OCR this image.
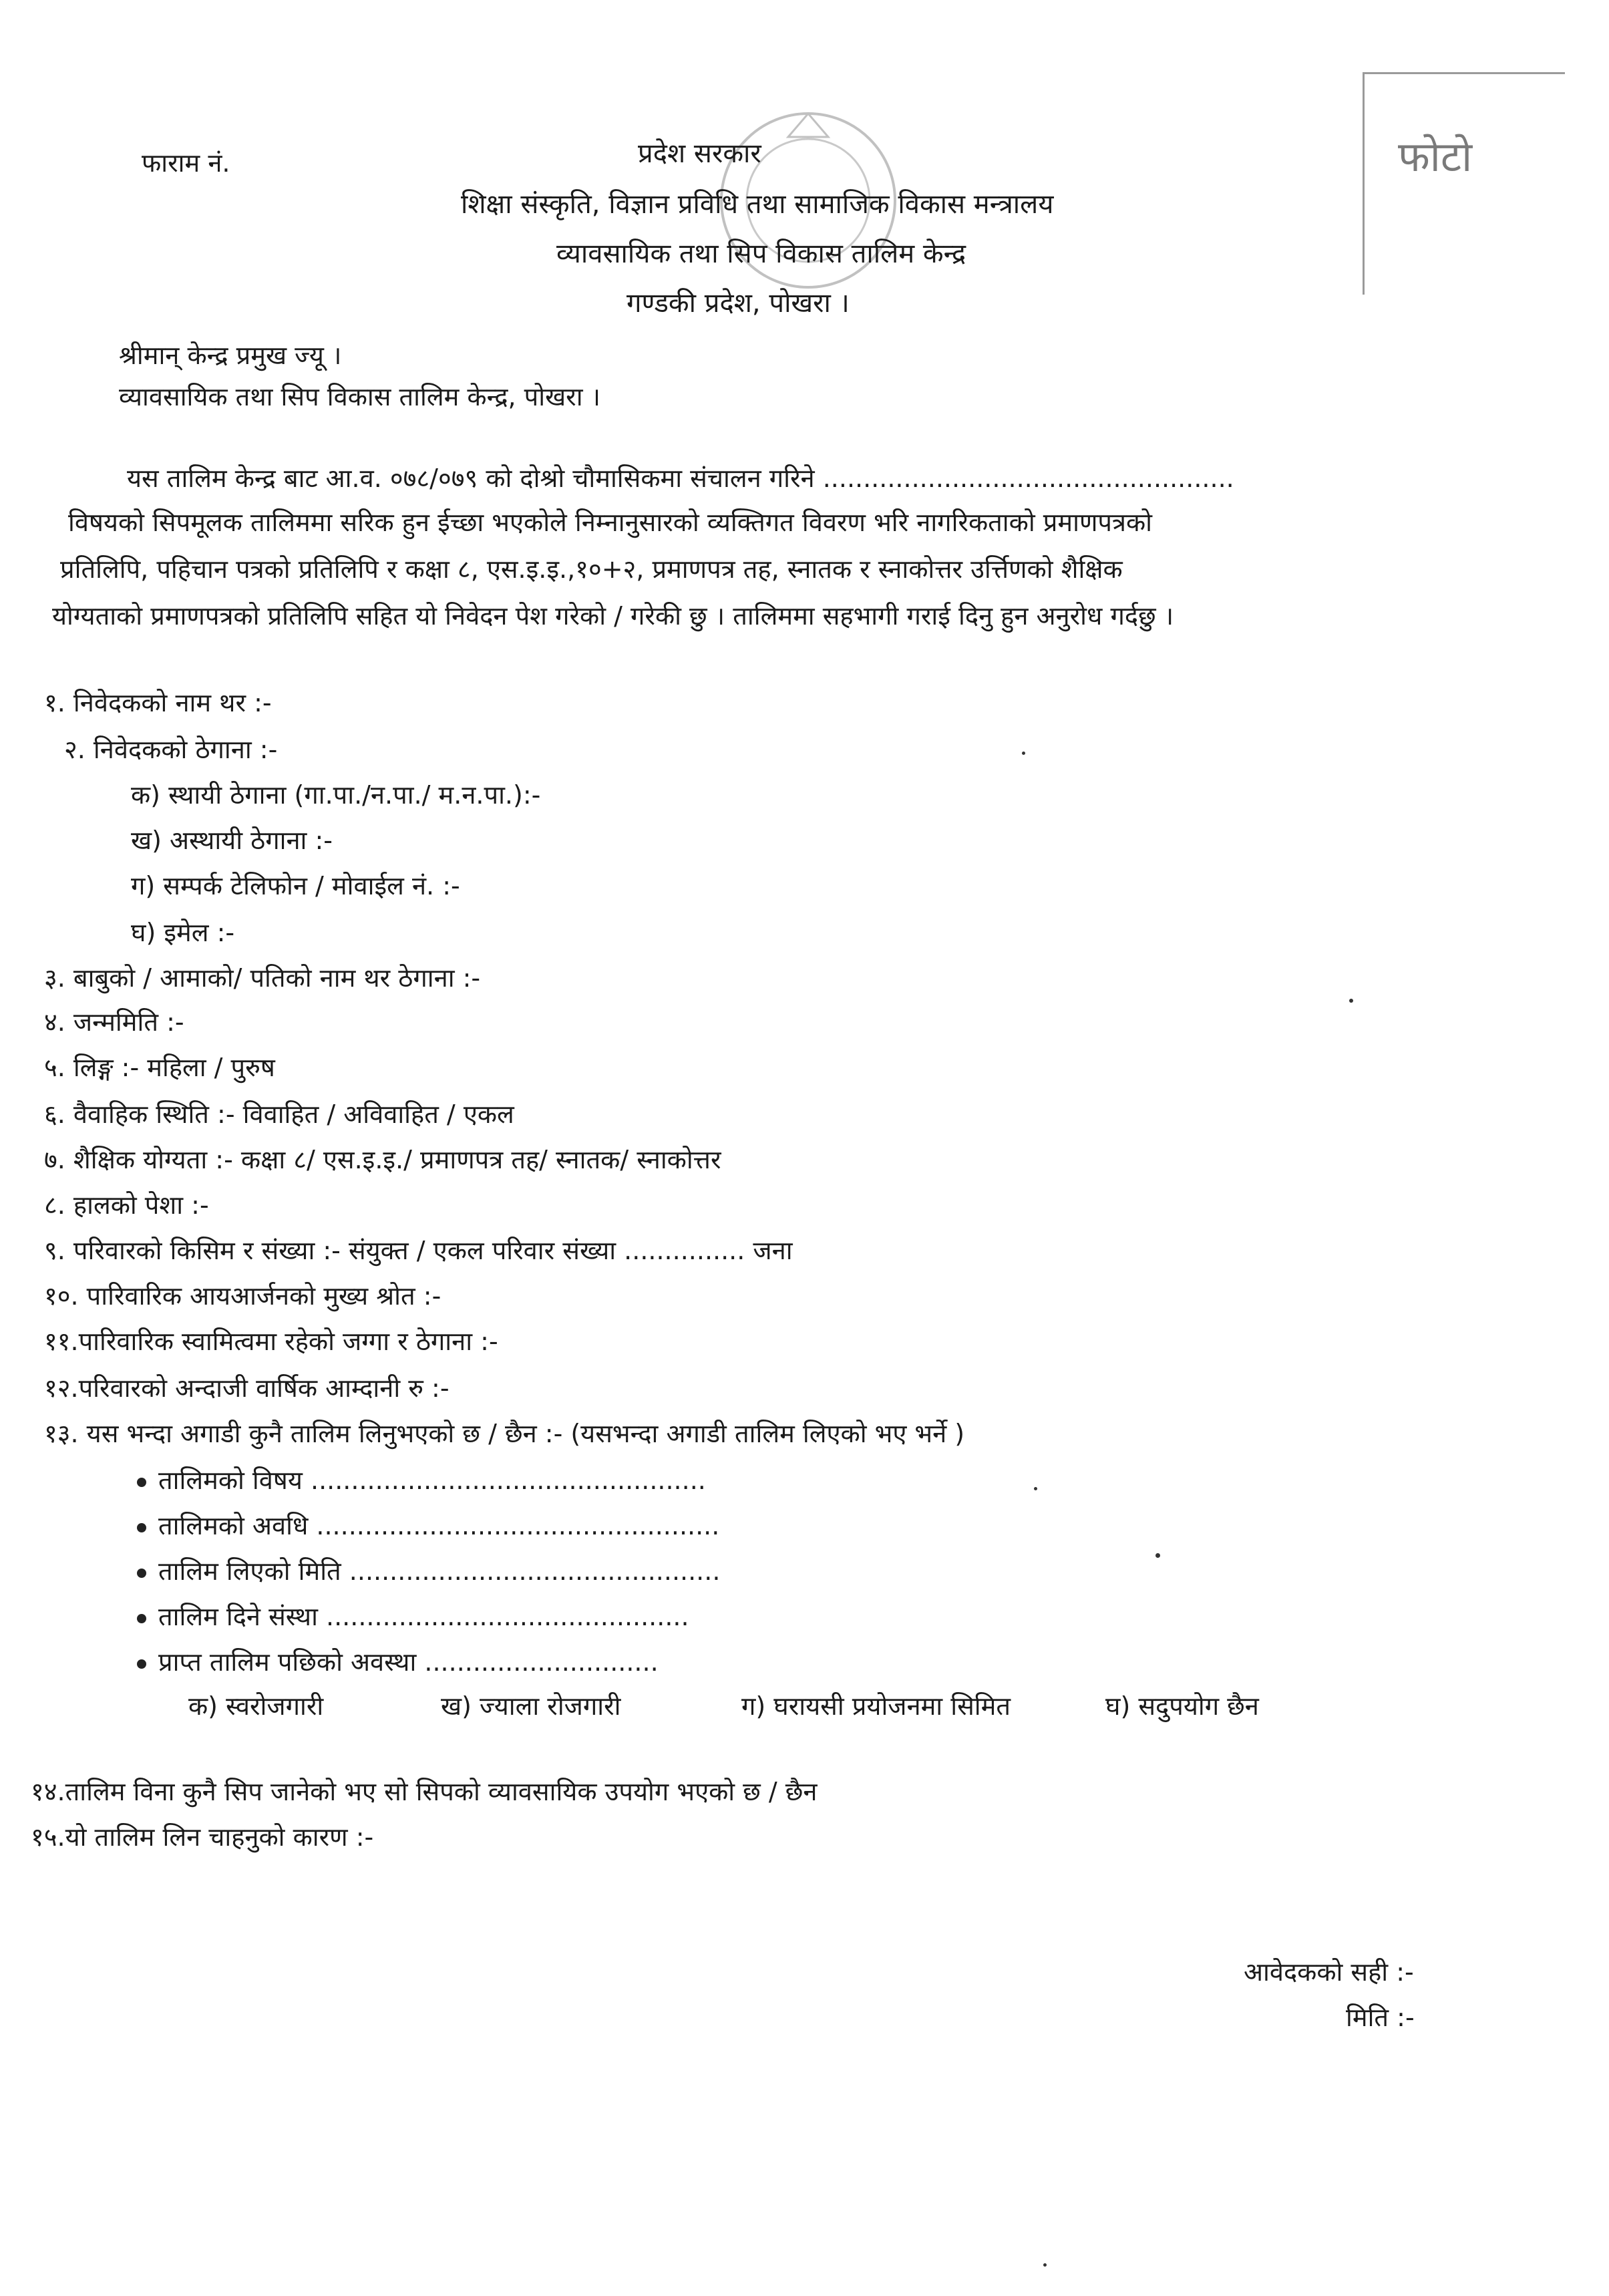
फोटो
फाराम नं.	प्रदेश सरकार
शिक्षा संस्कृति, विज्ञान प्रविधि तथा सामाजिक विकास मन्त्रालय
व्यावसायिक तथा सिप विकास तालिम केन्द्र
गण्डकी प्रदेश, पोखरा ।
श्रीमान् केन्द्र प्रमुख ज्यू ।
व्यावसायिक तथा सिप विकास तालिम केन्द्र, पोखरा ।
यस तालिम केन्द्र बाट आ.व. ०७८/०७९ को दोश्रो चौमासिकमा संचालन गरिने ...................................................
विषयको सिपमूलक तालिममा सरिक हुन ईच्छा भएकोले निम्नानुसारको व्यक्तिगत विवरण भरि नागरिकताको प्रमाणपत्रको
प्रतिलिपि, पहिचान पत्रको प्रतिलिपि र कक्षा ८, एस.इ.इ.,१०+२, प्रमाणपत्र तह, स्नातक र स्नाकोत्तर उर्त्तिणको शैक्षिक
योग्यताको प्रमाणपत्रको प्रतिलिपि सहित यो निवेदन पेश गरेको / गरेकी छु । तालिममा सहभागी गराई दिनु हुन अनुरोध गर्दछु ।
१. निवेदकको नाम थर :-
२. निवेदकको ठेगाना :-
क) स्थायी ठेगाना (गा.पा./न.पा./ म.न.पा.):-
ख) अस्थायी ठेगाना :-
ग) सम्पर्क टेलिफोन / मोवाईल नं. :-
घ) इमेल :-
३. बाबुको / आमाको/ पतिको नाम थर ठेगाना :-
४. जन्ममिति :-
५. लिङ्ग :- महिला / पुरुष
६. वैवाहिक स्थिति :- विवाहित / अविवाहित / एकल
७. शैक्षिक योग्यता :- कक्षा ८/ एस.इ.इ./ प्रमाणपत्र तह/ स्नातक/ स्नाकोत्तर
८. हालको पेशा :-
९. परिवारको किसिम र संख्या :- संयुक्त / एकल परिवार संख्या ............... जना
१०. पारिवारिक आयआर्जनको मुख्य श्रोत :-
११.पारिवारिक स्वामित्वमा रहेको जग्गा र ठेगाना :-
१२.परिवारको अन्दाजी वार्षिक आम्दानी रु :-
१३. यस भन्दा अगाडी कुनै तालिम लिनुभएको छ / छैन :- (यसभन्दा अगाडी तालिम लिएको भए भर्ने )
तालिमको विषय .................................................
तालिमको अवधि ..................................................
तालिम लिएको मिति ..............................................
तालिम दिने संस्था .............................................
प्राप्त तालिम पछिको अवस्था .............................
क) स्वरोजगारी	ख) ज्याला रोजगारी	ग) घरायसी प्रयोजनमा सिमित	घ) सदुपयोग छैन
१४.तालिम विना कुनै सिप जानेको भए सो सिपको व्यावसायिक उपयोग भएको छ / छैन
१५.यो तालिम लिन चाहनुको कारण :-
आवेदकको सही :-
मिति :-
